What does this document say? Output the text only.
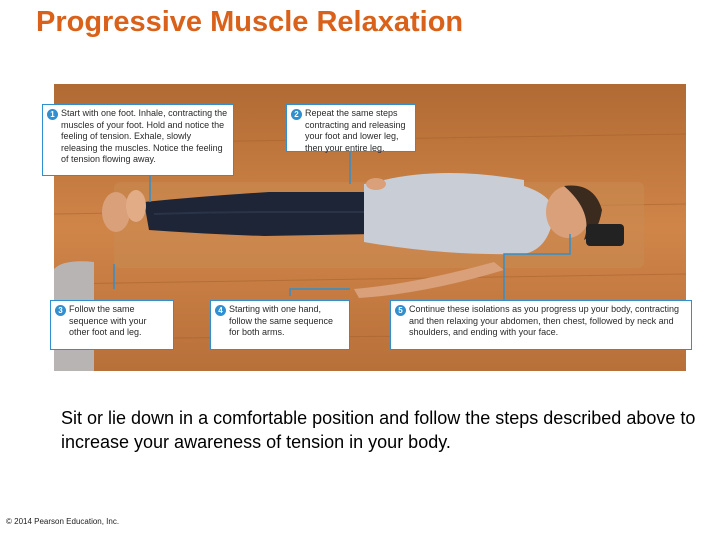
Progressive Muscle Relaxation
1 Start with one foot. Inhale, contracting the muscles of your foot. Hold and notice the feeling of tension. Exhale, slowly releasing the muscles. Notice the feeling of tension flowing away.
2 Repeat the same steps contracting and releasing your foot and lower leg, then your entire leg.
3 Follow the same sequence with your other foot and leg.
4 Starting with one hand, follow the same sequence for both arms.
5 Continue these isolations as you progress up your body, contracting and then relaxing your abdomen, then chest, followed by neck and shoulders, and ending with your face.
Sit or lie down in a comfortable position and follow the steps described above to increase your awareness of tension in your body.
© 2014 Pearson Education, Inc.
